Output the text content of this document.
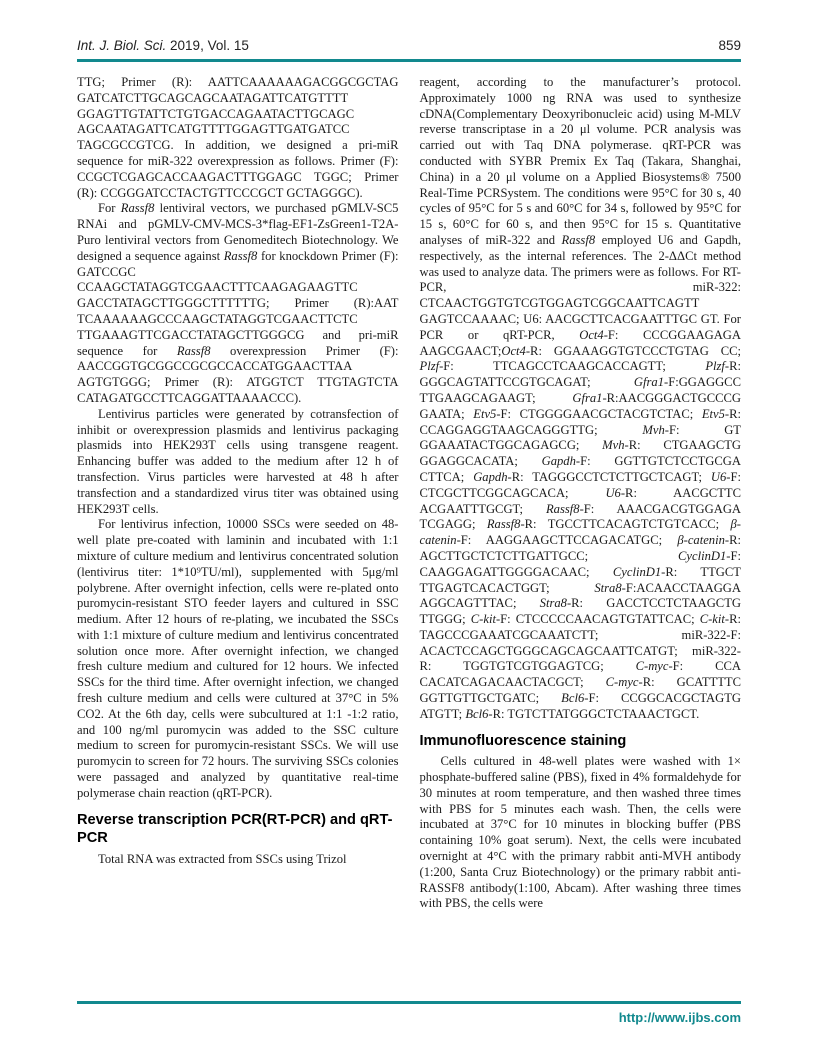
Int. J. Biol. Sci. 2019, Vol. 15	859

TTG; Primer (R): AATTCAAAAAAGACGGCGCTAG GATCATCTTGCAGCAGCAATAGATTCATGTTTT GGAGTTGTATTCTGTGACCAGAATACTTGCAGC AGCAATAGATTCATGTTTTGGAGTTGATGATCC TAGCGCCGTCG. In addition, we designed a pri-miR sequence for miR-322 overexpression as follows. Primer (F): CCGCTCGAGCACCAAGACTTTGGAGC TGGC; Primer (R): CCGGGATCCTACTGTTCCCGCT GCTAGGGC).

For Rassf8 lentiviral vectors, we purchased pGMLV-SC5 RNAi and pGMLV-CMV-MCS-3*flag-EF1-ZsGreen1-T2A-Puro lentiviral vectors from Genomeditech Biotechnology. We designed a sequence against Rassf8 for knockdown Primer (F): GATCCGC CCAAGCTATAGGTCGAACTTTCAAGAGAAGTTC GACCTATAGCTTGGGCTTTTTTG; Primer (R):AAT TCAAAAAAGCCCAAGCTATAGGTCGAACTTCTC TTGAAAGTTCGACCTATAGCTTGGGCG and pri-miR sequence for Rassf8 overexpression Primer (F): AACCGGTGCGGCCGCGCCACCATGGAACTTAA AGTGTGGG; Primer (R): ATGGTCT TTGTAGTCTA CATAGATGCCTTCAGGATTAAAACCC).

Lentivirus particles were generated by cotransfection of inhibit or overexpression plasmids and lentivirus packaging plasmids into HEK293T cells using transgene reagent. Enhancing buffer was added to the medium after 12 h of transfection. Virus particles were harvested at 48 h after transfection and a standardized virus titer was obtained using HEK293T cells.

For lentivirus infection, 10000 SSCs were seeded on 48-well plate pre-coated with laminin and incubated with 1:1 mixture of culture medium and lentivirus concentrated solution (lentivirus titer: 1*10⁹TU/ml), supplemented with 5μg/ml polybrene. After overnight infection, cells were re-plated onto puromycin-resistant STO feeder layers and cultured in SSC medium. After 12 hours of re-plating, we incubated the SSCs with 1:1 mixture of culture medium and lentivirus concentrated solution once more. After overnight infection, we changed fresh culture medium and cultured for 12 hours. We infected SSCs for the third time. After overnight infection, we changed fresh culture medium and cells were cultured at 37°C in 5% CO2. At the 6th day, cells were subcultured at 1:1 -1:2 ratio, and 100 ng/ml puromycin was added to the SSC culture medium to screen for puromycin-resistant SSCs. We will use puromycin to screen for 72 hours. The surviving SSCs colonies were passaged and analyzed by quantitative real-time polymerase chain reaction (qRT-PCR).

Reverse transcription PCR(RT-PCR) and qRT-PCR

Total RNA was extracted from SSCs using Trizol

reagent, according to the manufacturer’s protocol. Approximately 1000 ng RNA was used to synthesize cDNA(Complementary Deoxyribonucleic acid) using M-MLV reverse transcriptase in a 20 μl volume. PCR analysis was carried out with Taq DNA polymerase. qRT-PCR was conducted with SYBR Premix Ex Taq (Takara, Shanghai, China) in a 20 μl volume on a Applied Biosystems® 7500 Real-Time PCRSystem. The conditions were 95°C for 30 s, 40 cycles of 95°C for 5 s and 60°C for 34 s, followed by 95°C for 15 s, 60°C for 60 s, and then 95°C for 15 s. Quantitative analyses of miR-322 and Rassf8 employed U6 and Gapdh, respectively, as the internal references. The 2-ΔΔCt method was used to analyze data. The primers were as follows. For RT-PCR, miR-322: CTCAACTGGTGTCGTGGAGTCGGCAATTCAGTT GAGTCCAAAAC; U6: AACGCTTCACGAATTTGC GT. For PCR or qRT-PCR, Oct4-F: CCCGGAAGAGA AAGCGAACT;Oct4-R: GGAAAGGTGTCCCTGTAG CC; Plzf-F: TTCAGCCTCAAGCACCAGTT; Plzf-R: GGGCAGTATTCCGTGCAGAT; Gfra1-F:GGAGGCC TTGAAGCAGAAGT; Gfra1-R:AACGGGACTGCCCG GAATA; Etv5-F: CTGGGGAACGCTACGTCTAC; Etv5-R: CCAGGAGGTAAGCAGGGTTG; Mvh-F: GT GGAAATACTGGCAGAGCG; Mvh-R: CTGAAGCTG GGAGGCACATA; Gapdh-F: GGTTGTCTCCTGCGA CTTCA; Gapdh-R: TAGGGCCTCTCTTGCTCAGT; U6-F: CTCGCTTCGGCAGCACA; U6-R: AACGCTTC ACGAATTTGCGT; Rassf8-F: AAACGACGTGGAGA TCGAGG; Rassf8-R: TGCCTTCACAGTCTGTCACC; β-catenin-F: AAGGAAGCTTCCAGACATGC; β-catenin-R: AGCTTGCTCTCTTGATTGCC; CyclinD1-F: CAAGGAGATTGGGGACAAC; CyclinD1-R: TTGCT TTGAGTCACACTGGT; Stra8-F:ACAACCTAAGGA AGGCAGTTTAC; Stra8-R: GACCTCCTCTAAGCTG TTGGG; C-kit-F: CTCCCCCAACAGTGTATTCAC; C-kit-R: TAGCCCGAAATCGCAAATCTT; miR-322-F: ACACTCCAGCTGGGCAGCAGCAATTCATGT; miR-322-R: TGGTGTCGTGGAGTCG; C-myc-F: CCA CACATCAGACAACTACGCT; C-myc-R: GCATTTTC GGTTGTTGCTGATC; Bcl6-F: CCGGCACGCTAGTG ATGTT; Bcl6-R: TGTCTTATGGGCTCTAAACTGCT.

Immunofluorescence staining

Cells cultured in 48-well plates were washed with 1× phosphate-buffered saline (PBS), fixed in 4% formaldehyde for 30 minutes at room temperature, and then washed three times with PBS for 5 minutes each wash. Then, the cells were incubated at 37°C for 10 minutes in blocking buffer (PBS containing 10% goat serum). Next, the cells were incubated overnight at 4°C with the primary rabbit anti-MVH antibody (1:200, Santa Cruz Biotechnology) or the primary rabbit anti-RASSF8 antibody(1:100, Abcam). After washing three times with PBS, the cells were

http://www.ijbs.com
